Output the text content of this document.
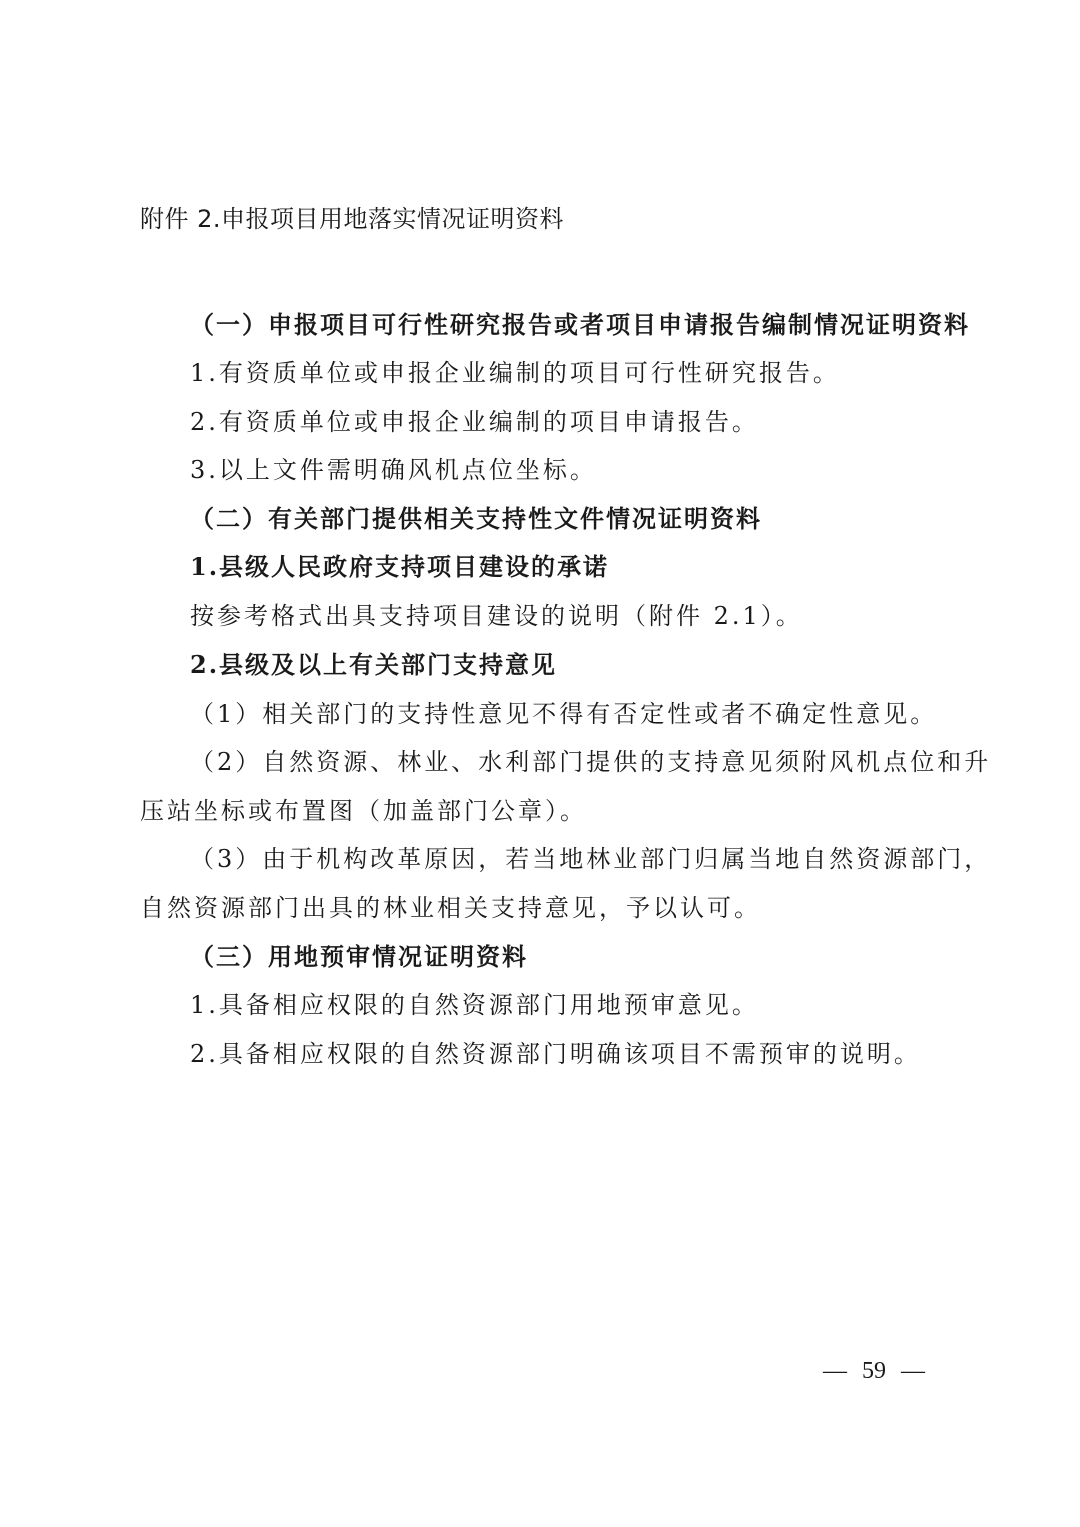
附件 2.申报项目用地落实情况证明资料
（一）申报项目可行性研究报告或者项目申请报告编制情况证明资料
1.有资质单位或申报企业编制的项目可行性研究报告。
2.有资质单位或申报企业编制的项目申请报告。
3.以上文件需明确风机点位坐标。
（二）有关部门提供相关支持性文件情况证明资料
1.县级人民政府支持项目建设的承诺
按参考格式出具支持项目建设的说明（附件 2.1）。
2.县级及以上有关部门支持意见
（1）相关部门的支持性意见不得有否定性或者不确定性意见。
（2）自然资源、林业、水利部门提供的支持意见须附风机点位和升
压站坐标或布置图（加盖部门公章）。
（3）由于机构改革原因，若当地林业部门归属当地自然资源部门，
自然资源部门出具的林业相关支持意见，予以认可。
（三）用地预审情况证明资料
1.具备相应权限的自然资源部门用地预审意见。
2.具备相应权限的自然资源部门明确该项目不需预审的说明。
— 59 —
